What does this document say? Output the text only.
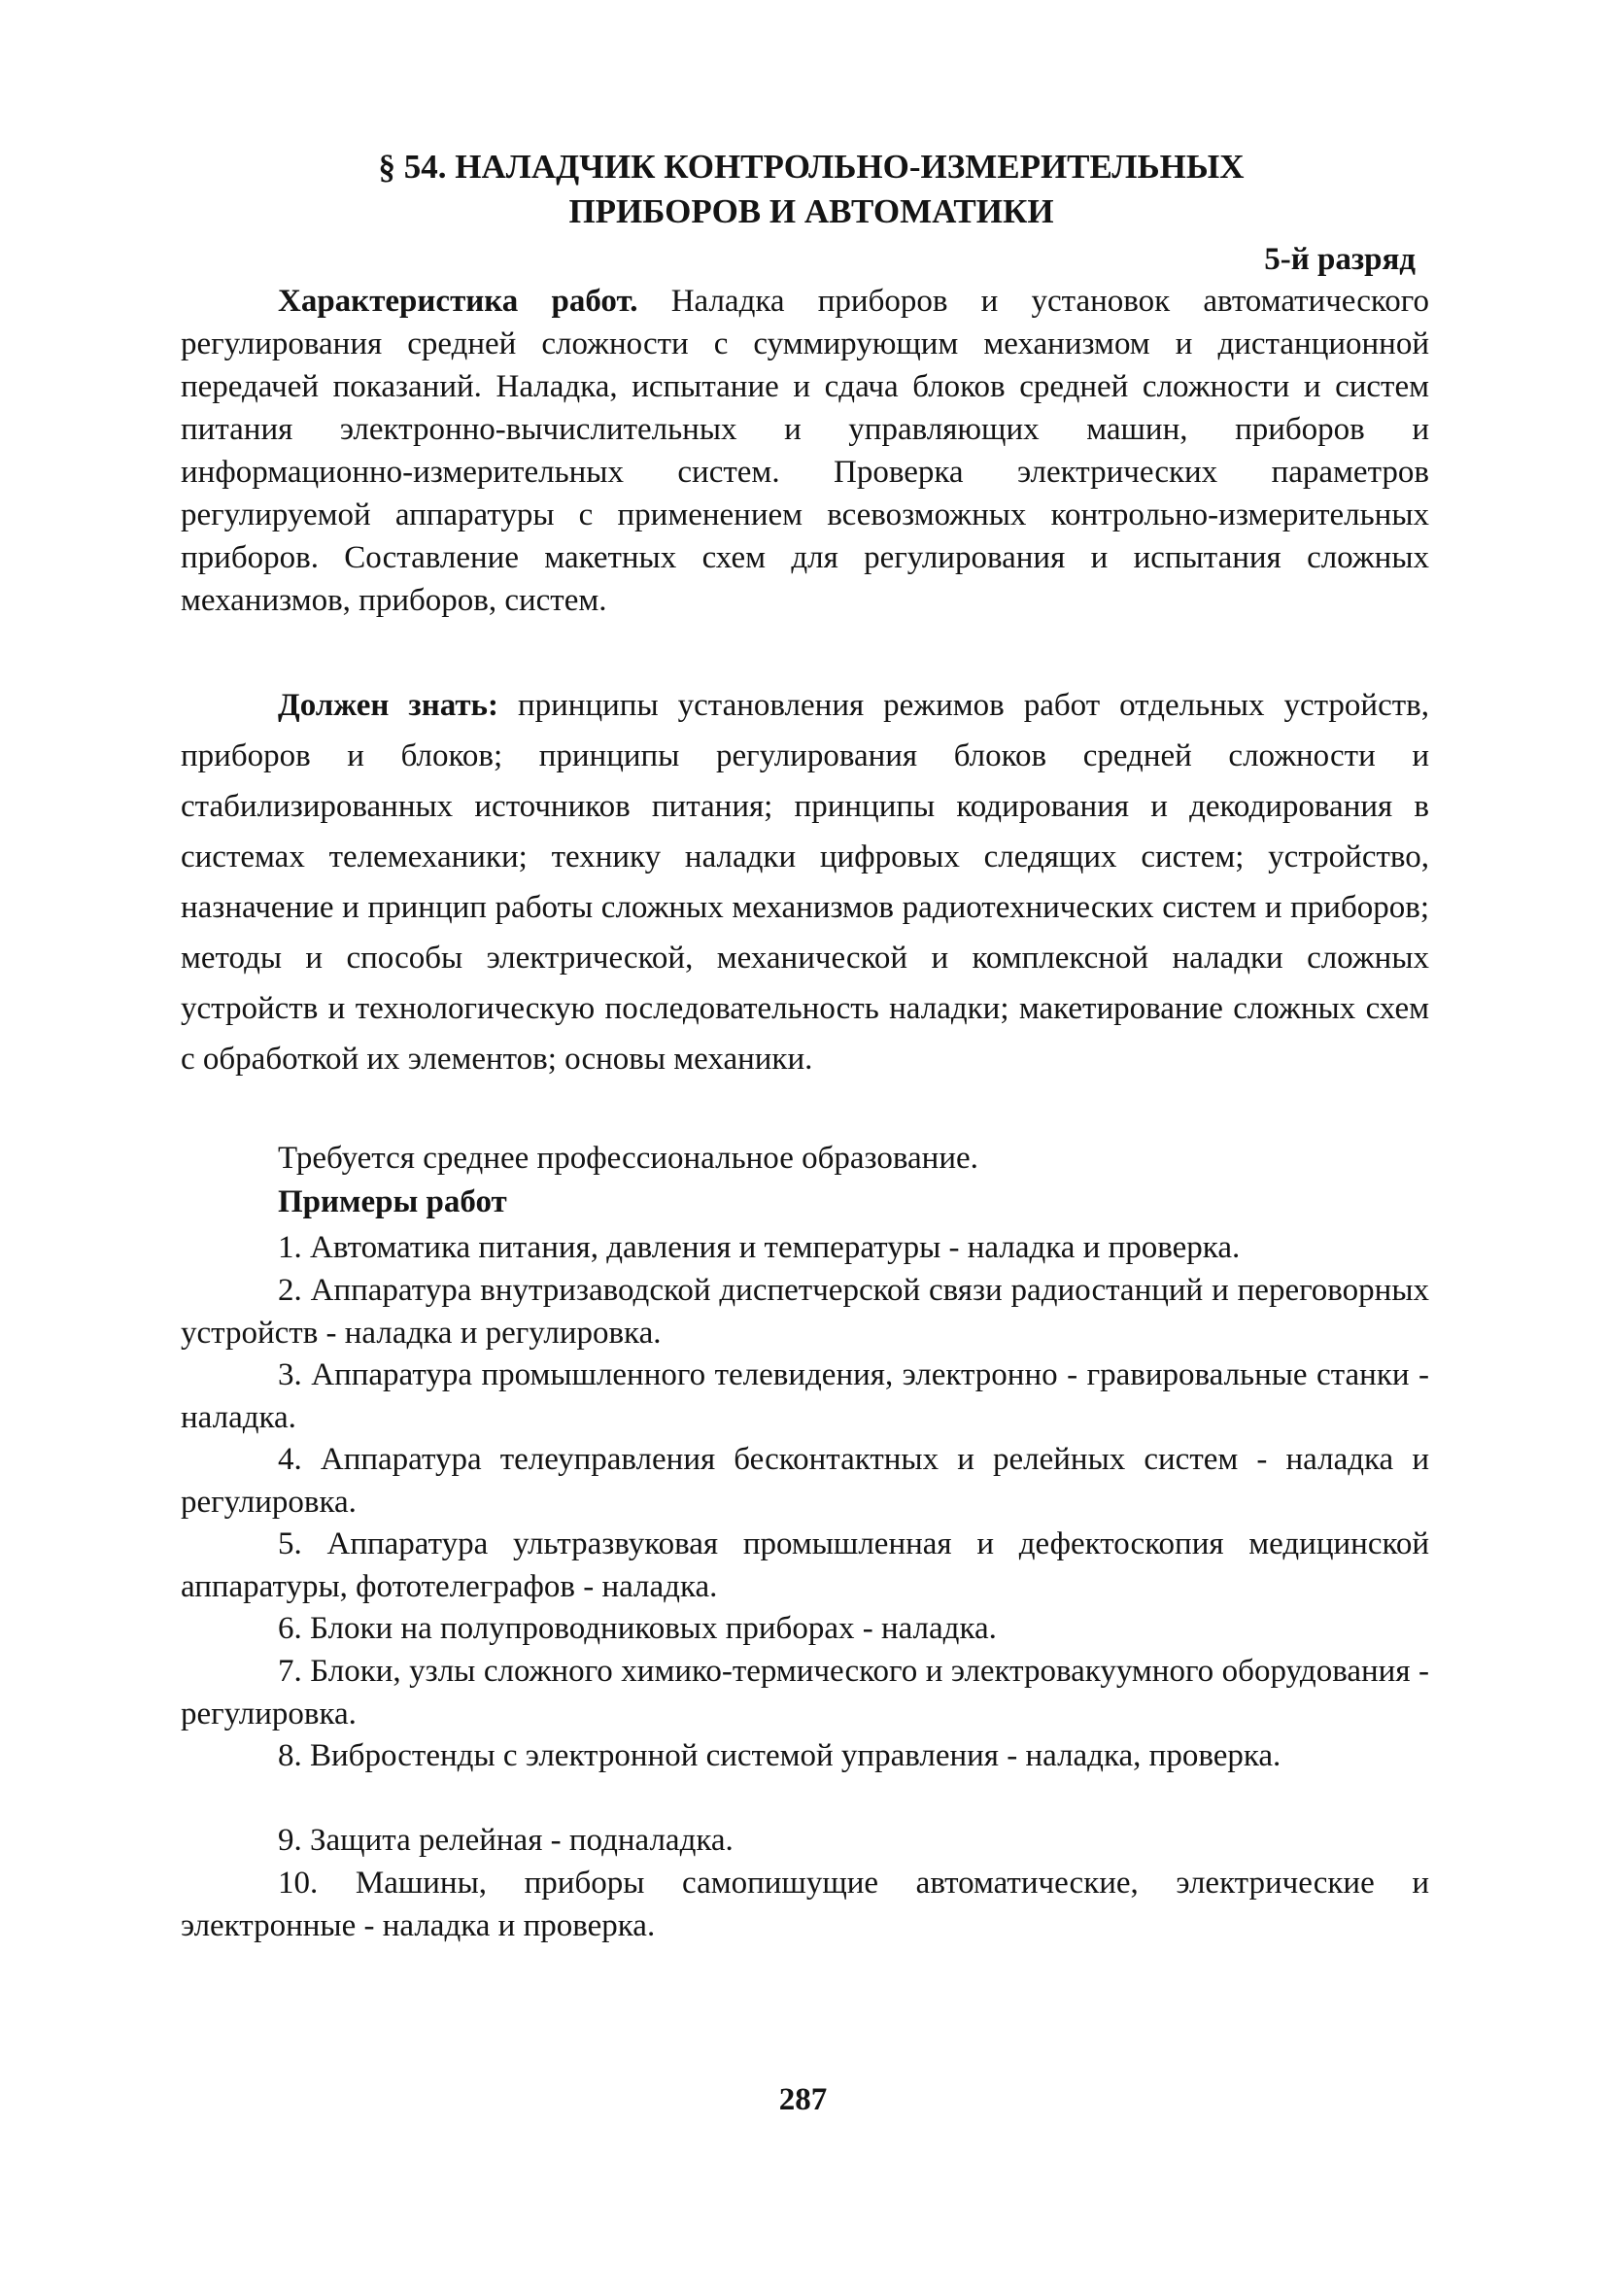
§ 54. НАЛАДЧИК КОНТРОЛЬНО-ИЗМЕРИТЕЛЬНЫХ
ПРИБОРОВ И АВТОМАТИКИ
5-й разряд

Характеристика работ. Наладка приборов и установок автоматического регулирования средней сложности с суммирующим механизмом и дистанционной передачей показаний. Наладка, испытание и сдача блоков средней сложности и систем питания электронно-вычислительных и управляющих машин, приборов и информационно-измерительных систем. Проверка электрических параметров регулируемой аппаратуры с применением всевозможных контрольно-измерительных приборов. Составление макетных схем для регулирования и испытания сложных механизмов, приборов, систем.

Должен знать: принципы установления режимов работ отдельных устройств, приборов и блоков; принципы регулирования блоков средней сложности и стабилизированных источников питания; принципы кодирования и декодирования в системах телемеханики; технику наладки цифровых следящих систем; устройство, назначение и принцип работы сложных механизмов радиотехнических систем и приборов; методы и способы электрической, механической и комплексной наладки сложных устройств и технологическую последовательность наладки; макетирование сложных схем с обработкой их элементов; основы механики.

Требуется среднее профессиональное образование.

Примеры работ

1. Автоматика питания, давления и температуры - наладка и проверка.

2. Аппаратура внутризаводской диспетчерской связи радиостанций и переговорных устройств - наладка и регулировка.

3. Аппаратура промышленного телевидения, электронно - гравировальные станки - наладка.

4. Аппаратура телеуправления бесконтактных и релейных систем - наладка и регулировка.

5. Аппаратура ультразвуковая промышленная и дефектоскопия медицинской аппаратуры, фототелеграфов - наладка.

6. Блоки на полупроводниковых приборах - наладка.

7. Блоки, узлы сложного химико-термического и электровакуумного оборудования - регулировка.

8. Вибростенды с электронной системой управления - наладка, проверка.

9. Защита релейная - подналадка.

10. Машины, приборы самопишущие автоматические, электрические и электронные - наладка и проверка.

287
